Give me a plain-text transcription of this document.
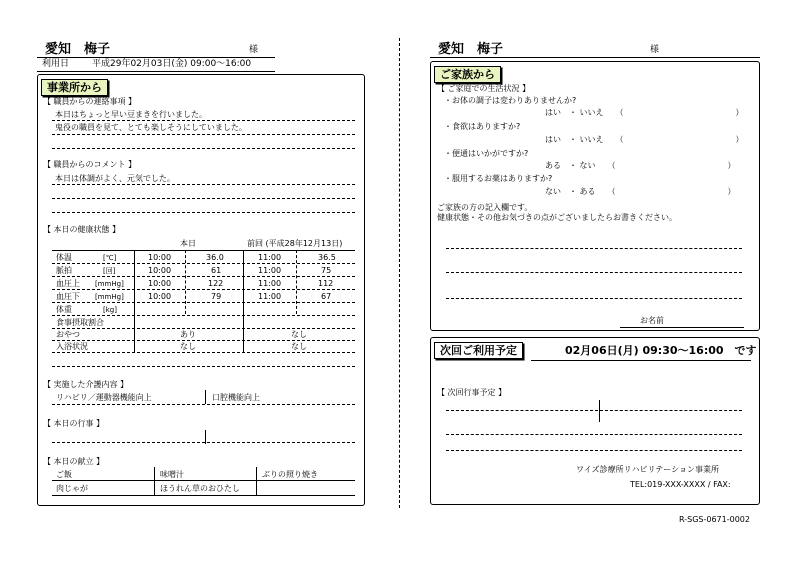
愛知　梅子	様
利用日	平成29年02月03日(金) 09:00～16:00
事業所から
【 職員からの連絡事項 】
本日はちょっと早い豆まきを行いました。
鬼役の職員を見て、とても楽しそうにしていました。
【 職員からのコメント 】
本日は体調がよく、元気でした。
【 本日の健康状態 】
本日	前回 (平成28年12月13日)
体温	[℃]	10:00	36.0	11:00	36.5
脈拍	[回]	10:00	61	11:00	75
血圧上 [mmHg]	10:00	122	11:00	112
血圧下 [mmHg]	10:00	79	11:00	67
体重	[kg]
食事摂取割合
おやつ	あり	なし
入浴状況	なし	なし
【 実施した介護内容 】
リハビリ／運動器機能向上	口腔機能向上
【 本日の行事 】
【 本日の献立 】
ご飯	味噌汁	ぶりの照り焼き
肉じゃが	ほうれん草のおひたし
愛知　梅子	様
ご家族から
【 ご家庭での生活状況 】
・お体の調子は変わりありませんか?
はい　・ いいえ　　（　　　　　　　　　　　　　　）
・食欲はありますか?
はい　・ いいえ　　（　　　　　　　　　　　　　　）
・便通はいかがですか?
ある　・ ない　　（　　　　　　　　　　　　　　）
・服用するお薬はありますか?
ない　・ ある　　（　　　　　　　　　　　　　　）
ご家族の方の記入欄です。
健康状態・その他お気づきの点がございましたらお書きください。
お名前
次回ご利用予定	02月06日(月) 09:30～16:00　です
【 次回行事予定 】
ワイズ診療所リハビリテーション事業所
TEL:019-XXX-XXXX / FAX:
R-SGS-0671-0002
